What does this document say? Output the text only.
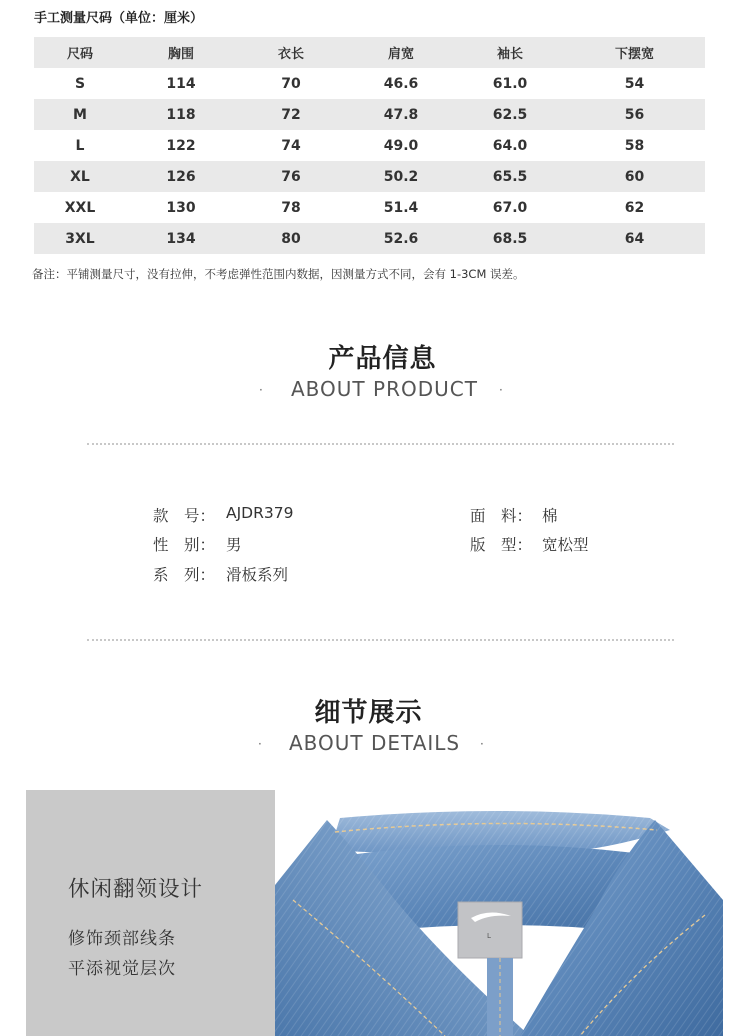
手工测量尺码（单位：厘米）
尺码	胸围	衣长	肩宽	袖长	下摆宽
S	114	70	46.6	61.0	54
M	118	72	47.8	62.5	56
L	122	74	49.0	64.0	58
XL	126	76	50.2	65.5	60
XXL	130	78	51.4	67.0	62
3XL	134	80	52.6	68.5	64
备注：平铺测量尺寸，没有拉伸，不考虑弹性范围内数据，因测量方式不同，会有 1-3CM 误差。
产品信息
· ABOUT PRODUCT ·
款　号： AJDR379	面　料： 棉
性　别： 男	版　型： 宽松型
系　列： 滑板系列
细节展示
· ABOUT DETAILS ·
休闲翻领设计
修饰颈部线条
平添视觉层次
L
